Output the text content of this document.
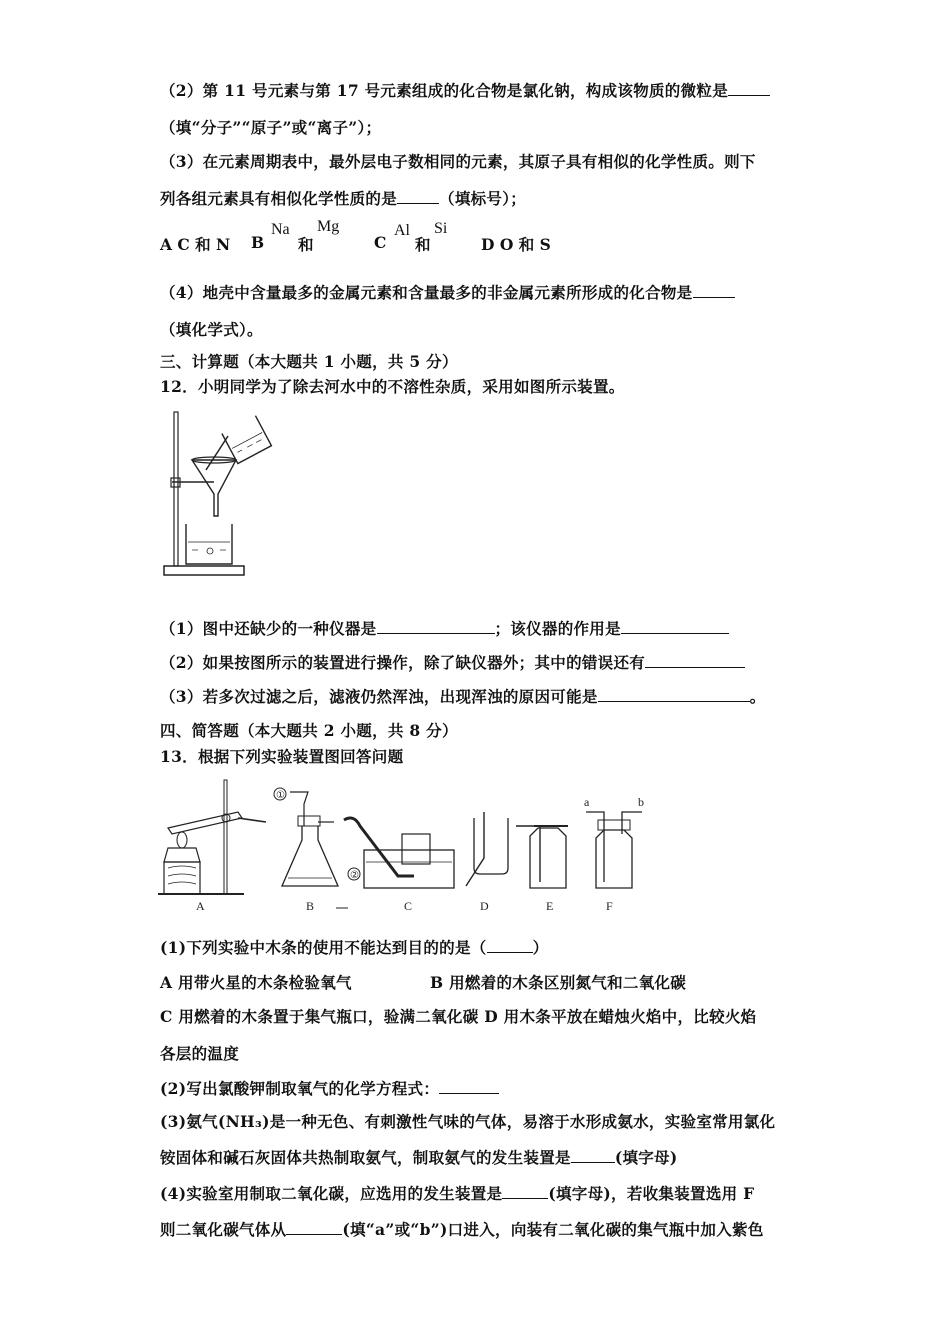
（2）第 11 号元素与第 17 号元素组成的化合物是氯化钠，构成该物质的微粒是
（填“分子”“原子”或“离子”）；
（3）在元素周期表中，最外层电子数相同的元素，其原子具有相似的化学性质。则下
列各组元素具有相似化学性质的是	（填标号）；
A C 和 N B
Na
和
Mg
C
Al
和
Si
D O 和 S
（4）地壳中含量最多的金属元素和含量最多的非金属元素所形成的化合物是
（填化学式）。
三、计算题（本大题共 1 小题，共 5 分）
12．小明同学为了除去河水中的不溶性杂质，采用如图所示装置。
（1）图中还缺少的一种仪器是	；该仪器的作用是
（2）如果按图所示的装置进行操作，除了缺仪器外；其中的错误还有
（3）若多次过滤之后，滤液仍然浑浊，出现浑浊的原因可能是	。
四、简答题（本大题共 2 小题，共 8 分）
13．根据下列实验装置图回答问题
A
①
B
②
C	D	E
a	b
F
(1)下列实验中木条的使用不能达到目的的是（	）
A 用带火星的木条检验氧气	B 用燃着的木条区别氮气和二氧化碳
C 用燃着的木条置于集气瓶口，验满二氧化碳 D 用木条平放在蜡烛火焰中，比较火焰
各层的温度
(2)写出氯酸钾制取氧气的化学方程式：
(3)氨气(NH₃)是一种无色、有刺激性气味的气体，易溶于水形成氨水，实验室常用氯化
铵固体和碱石灰固体共热制取氨气，制取氨气的发生装置是	(填字母)
(4)实验室用制取二氧化碳，应选用的发生装置是	(填字母)，若收集装置选用 F
则二氧化碳气体从	(填“a”或“b”)口进入，向装有二氧化碳的集气瓶中加入紫色
